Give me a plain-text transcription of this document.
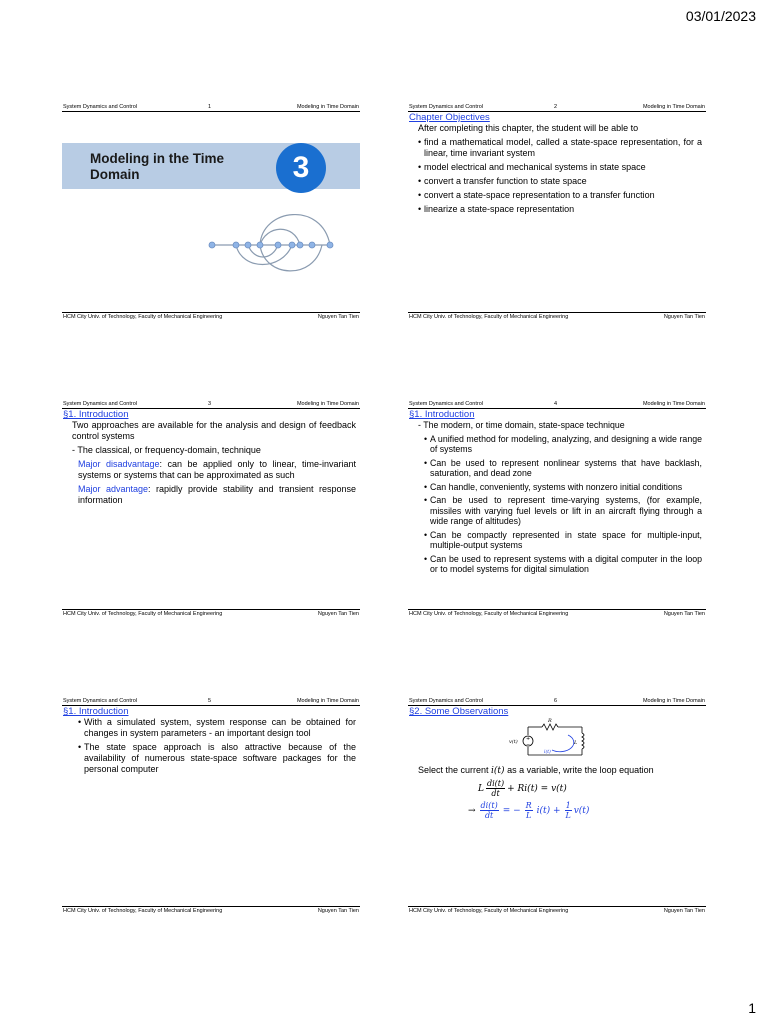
03/01/2023
System Dynamics and Control	1	Modeling in Time Domain
Modeling in the Time
Domain	3
HCM City Univ. of Technology, Faculty of Mechanical Engineering	Nguyen Tan Tien
System Dynamics and Control	2	Modeling in Time Domain
Chapter Objectives

After completing this chapter, the student will be able to

• find a mathematical model, called a state-space representation, for a linear, time invariant system
• model electrical and mechanical systems in state space
• convert a transfer function to state space
• convert a state-space representation to a transfer function
• linearize a state-space representation
HCM City Univ. of Technology, Faculty of Mechanical Engineering	Nguyen Tan Tien
System Dynamics and Control	3	Modeling in Time Domain
§1. Introduction

Two approaches are available for the analysis and design of feedback control systems

- The classical, or frequency-domain, technique

Major disadvantage: can be applied only to linear, time-invariant systems or systems that can be approximated as such

Major advantage: rapidly provide stability and transient response information

HCM City Univ. of Technology, Faculty of Mechanical Engineering	Nguyen Tan Tien
System Dynamics and Control	4	Modeling in Time Domain
§1. Introduction

- The modern, or time domain, state-space technique

• A unified method for modeling, analyzing, and designing a wide range of systems
• Can be used to represent nonlinear systems that have backlash, saturation, and dead zone
• Can handle, conveniently, systems with nonzero initial conditions
• Can be used to represent time-varying systems, (for example, missiles with varying fuel levels or lift in an aircraft flying through a wide range of altitudes)
• Can be compactly represented in state space for multiple-input, multiple-output systems
• Can be used to represent systems with a digital computer in the loop or to model systems for digital simulation
HCM City Univ. of Technology, Faculty of Mechanical Engineering	Nguyen Tan Tien
System Dynamics and Control	5	Modeling in Time Domain
§1. Introduction
• With a simulated system, system response can be obtained for changes in system parameters - an important design tool
• The state space approach is also attractive because of the availability of numerous state-space software packages for the personal computer
HCM City Univ. of Technology, Faculty of Mechanical Engineering	Nguyen Tan Tien
System Dynamics and Control	6	Modeling in Time Domain
§2. Some Observations
+
−
R
L
v(t)
i(t)

Select the current i(t) as a variable, write the loop equation

L di(t)
dt + Ri(t) = v(t)
→ $\frac{di(t)}{dt}$ = − $\frac{R}{L} i(t) + \frac{1}{L} v(t)$
HCM City Univ. of Technology, Faculty of Mechanical Engineering	Nguyen Tan Tien
1
